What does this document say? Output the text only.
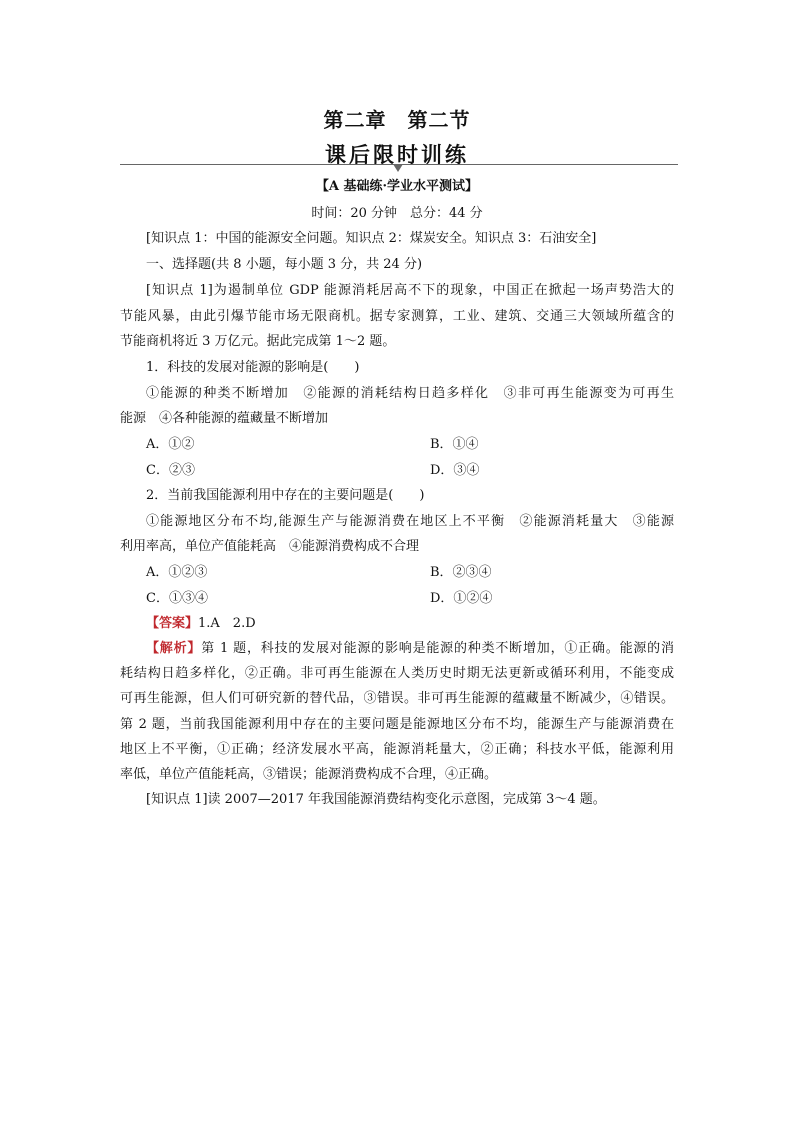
第二章　第二节
课后限时训练
【A 基础练·学业水平测试】
时间：20 分钟　总分：44 分
[知识点 1：中国的能源安全问题。知识点 2：煤炭安全。知识点 3：石油安全]
一、选择题(共 8 小题，每小题 3 分，共 24 分)
[知识点 1]为遏制单位 GDP 能源消耗居高不下的现象，中国正在掀起一场声势浩大的
节能风暴，由此引爆节能市场无限商机。据专家测算，工业、建筑、交通三大领域所蕴含的
节能商机将近 3 万亿元。据此完成第 1～2 题。
1．科技的发展对能源的影响是(　　)
①能源的种类不断增加　②能源的消耗结构日趋多样化　③非可再生能源变为可再生
能源　④各种能源的蕴藏量不断增加
A．①②	B．①④
C．②③	D．③④
2．当前我国能源利用中存在的主要问题是(　　)
①能源地区分布不均,能源生产与能源消费在地区上不平衡　②能源消耗量大　③能源
利用率高，单位产值能耗高　④能源消费构成不合理
A．①②③	B．②③④
C．①③④	D．①②④
【答案】1.A　2.D
【解析】第 1 题，科技的发展对能源的影响是能源的种类不断增加，①正确。能源的消
耗结构日趋多样化，②正确。非可再生能源在人类历史时期无法更新或循环利用，不能变成
可再生能源，但人们可研究新的替代品，③错误。非可再生能源的蕴藏量不断减少，④错误。
第 2 题，当前我国能源利用中存在的主要问题是能源地区分布不均，能源生产与能源消费在
地区上不平衡，①正确；经济发展水平高，能源消耗量大，②正确；科技水平低，能源利用
率低，单位产值能耗高，③错误；能源消费构成不合理，④正确。
[知识点 1]读 2007—2017 年我国能源消费结构变化示意图，完成第 3～4 题。
